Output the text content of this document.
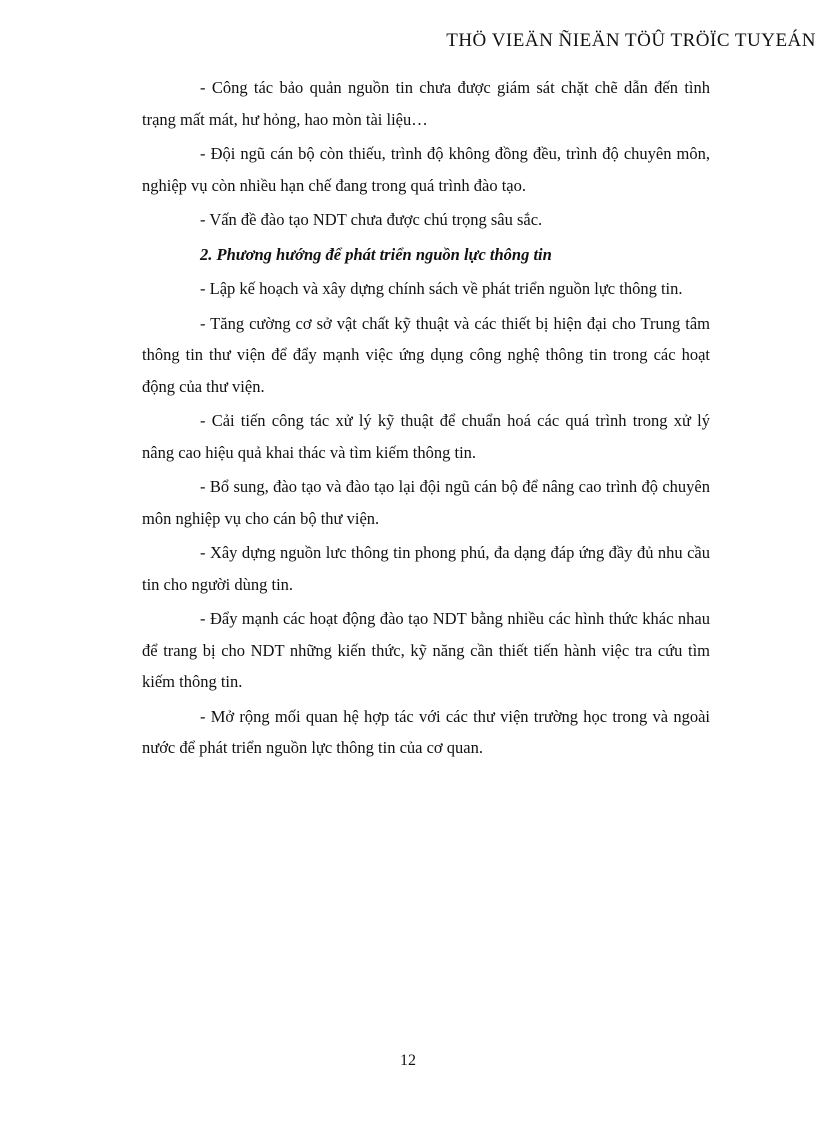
THÖ VIEÄN ÑIEÄN TÖÛ TRÖÏC TUYEÁN

- Công tác bảo quản nguồn tin chưa được giám sát chặt chẽ dẫn đến tình trạng mất mát, hư hỏng, hao mòn tài liệu…

- Đội ngũ cán bộ còn thiếu, trình độ không đồng đều, trình độ chuyên môn, nghiệp vụ còn nhiều hạn chế đang trong quá trình đào tạo.

- Vấn đề đào tạo NDT chưa được chú trọng sâu sắc.

2. Phương hướng để phát triển nguồn lực thông tin

- Lập kế hoạch và xây dựng chính sách về phát triển nguồn lực thông tin.

- Tăng cường cơ sở vật chất kỹ thuật và các thiết bị hiện đại cho Trung tâm thông tin thư viện để đẩy mạnh việc ứng dụng công nghệ thông tin trong các hoạt động của thư viện.

- Cải tiến công tác xử lý kỹ thuật để chuẩn hoá các quá trình trong xử lý nâng cao hiệu quả khai thác và tìm kiếm thông tin.

- Bổ sung, đào tạo và đào tạo lại đội ngũ cán bộ để nâng cao trình độ chuyên môn nghiệp vụ cho cán bộ thư viện.

- Xây dựng nguồn lưc thông tin phong phú, đa dạng đáp ứng đầy đủ nhu cầu tin cho người dùng tin.

- Đẩy mạnh các hoạt động đào tạo NDT bằng nhiều các hình thức khác nhau để trang bị cho NDT những kiến thức, kỹ năng cần thiết tiến hành việc tra cứu tìm kiếm thông tin.

- Mở rộng mối quan hệ hợp tác với các thư viện trường học trong và ngoài nước để phát triển nguồn lực thông tin của cơ quan.

12
